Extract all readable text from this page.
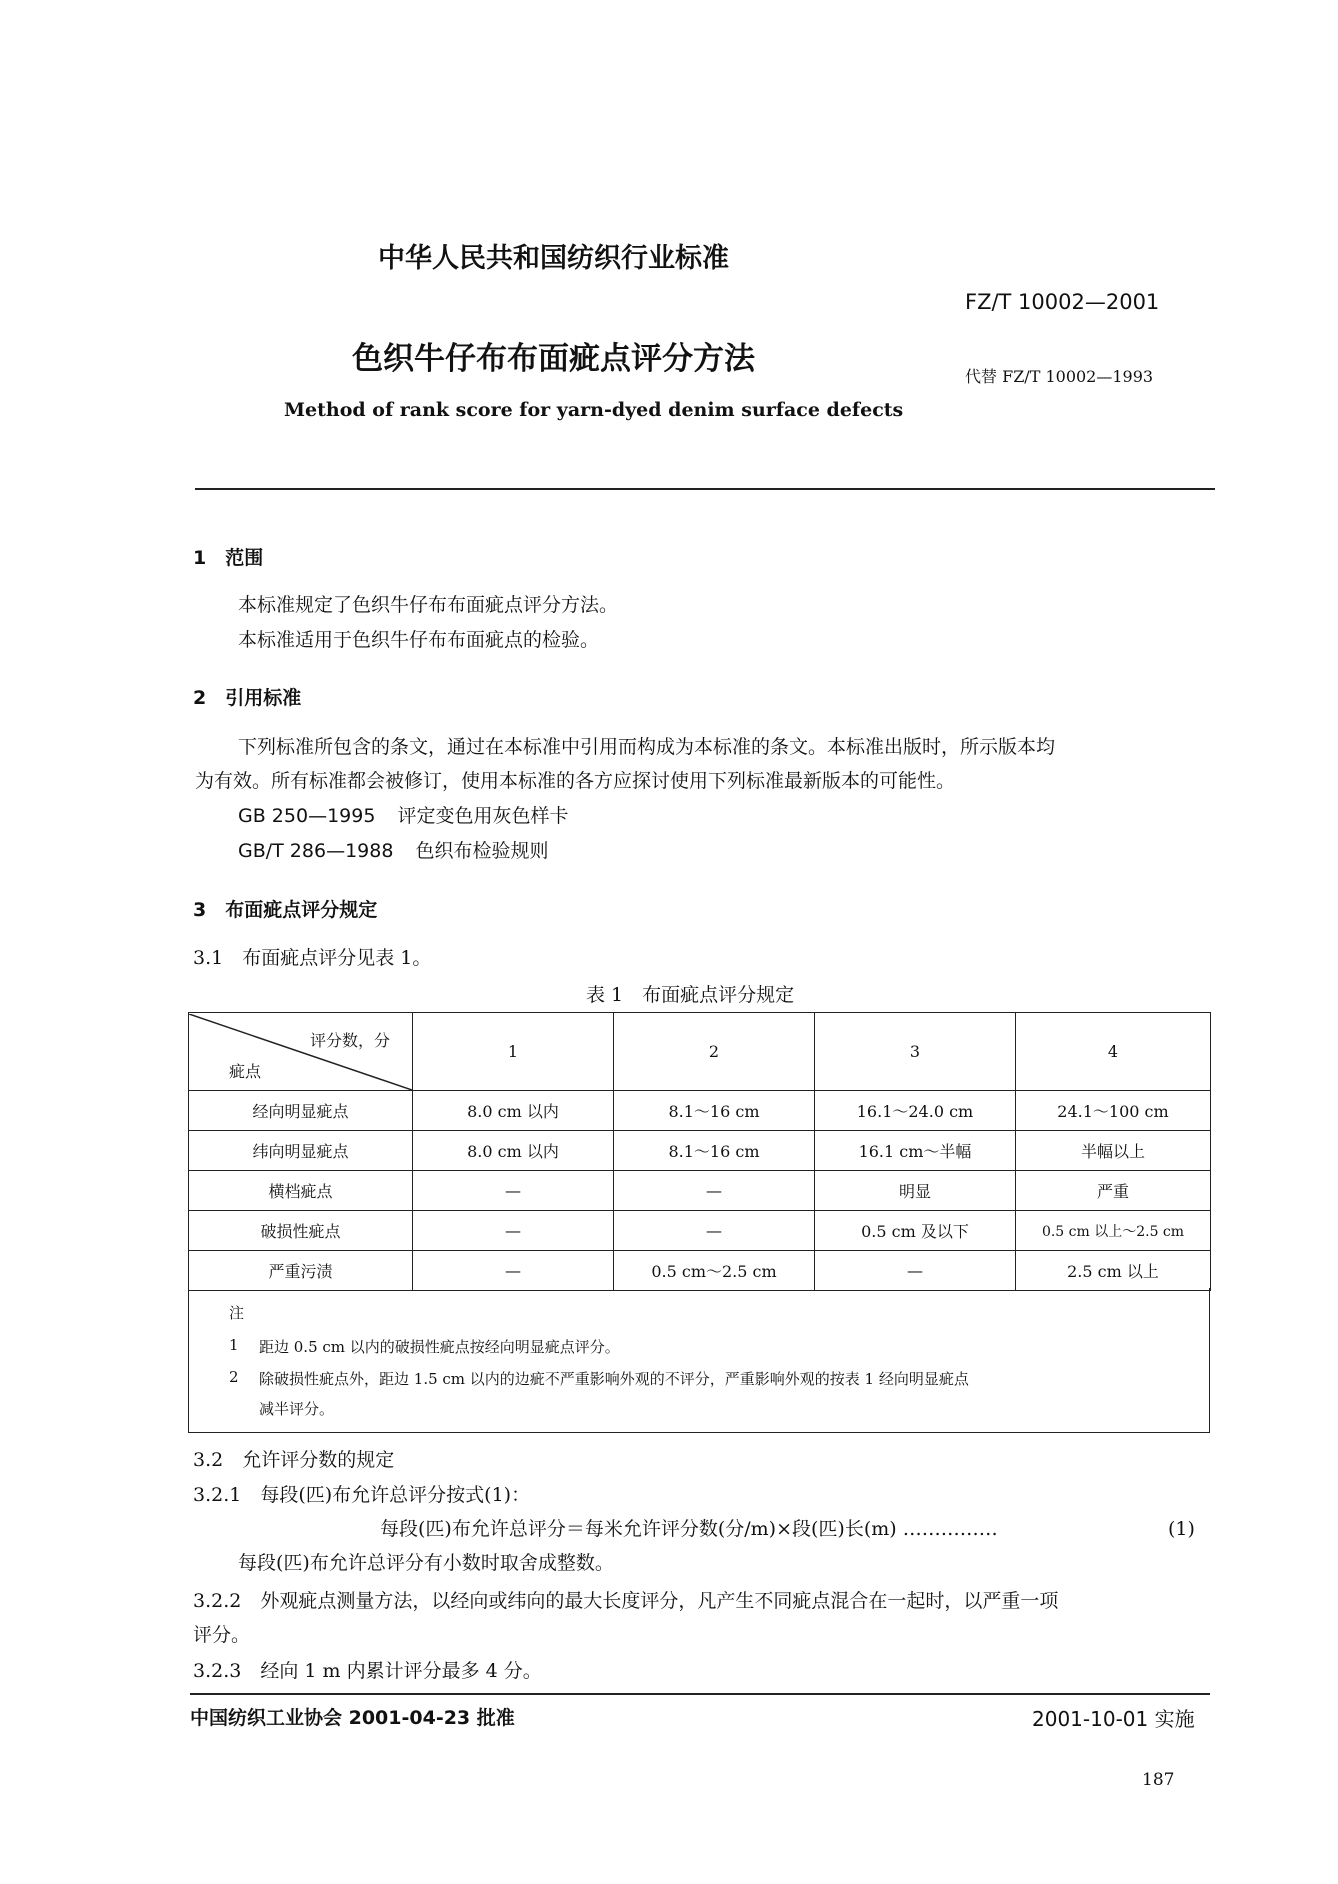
中华人民共和国纺织行业标准
FZ/T 10002—2001
色织牛仔布布面疵点评分方法	代替 FZ/T 10002—1993
Method of rank score for yarn-dyed denim surface defects
1　范围
本标准规定了色织牛仔布布面疵点评分方法。
本标准适用于色织牛仔布布面疵点的检验。
2　引用标准
下列标准所包含的条文，通过在本标准中引用而构成为本标准的条文。本标准出版时，所示版本均
为有效。所有标准都会被修订，使用本标准的各方应探讨使用下列标准最新版本的可能性。
GB 250—1995 评定变色用灰色样卡
GB/T 286—1988 色织布检验规则
3　布面疵点评分规定
3.1　布面疵点评分见表 1。
表 1　布面疵点评分规定
评分数，分
疵点	1	2	3	4
经向明显疵点	8.0 cm 以内	8.1～16 cm	16.1～24.0 cm	24.1～100 cm
纬向明显疵点	8.0 cm 以内	8.1～16 cm	16.1 cm～半幅	半幅以上
横档疵点	—	—	明显	严重
破损性疵点	—	—	0.5 cm 及以下	0.5 cm 以上～2.5 cm
严重污渍	—	0.5 cm～2.5 cm	—	2.5 cm 以上
注
1 距边 0.5 cm 以内的破损性疵点按经向明显疵点评分。
2 除破损性疵点外，距边 1.5 cm 以内的边疵不严重影响外观的不评分，严重影响外观的按表 1 经向明显疵点
减半评分。
3.2　允许评分数的规定
3.2.1　每段(匹)布允许总评分按式(1)：
每段(匹)布允许总评分＝每米允许评分数(分/m)×段(匹)长(m) ……………	(1)
每段(匹)布允许总评分有小数时取舍成整数。
3.2.2　外观疵点测量方法，以经向或纬向的最大长度评分，凡产生不同疵点混合在一起时，以严重一项
评分。
3.2.3　经向 1 m 内累计评分最多 4 分。
中国纺织工业协会 2001-04-23 批准	2001-10-01 实施
187
